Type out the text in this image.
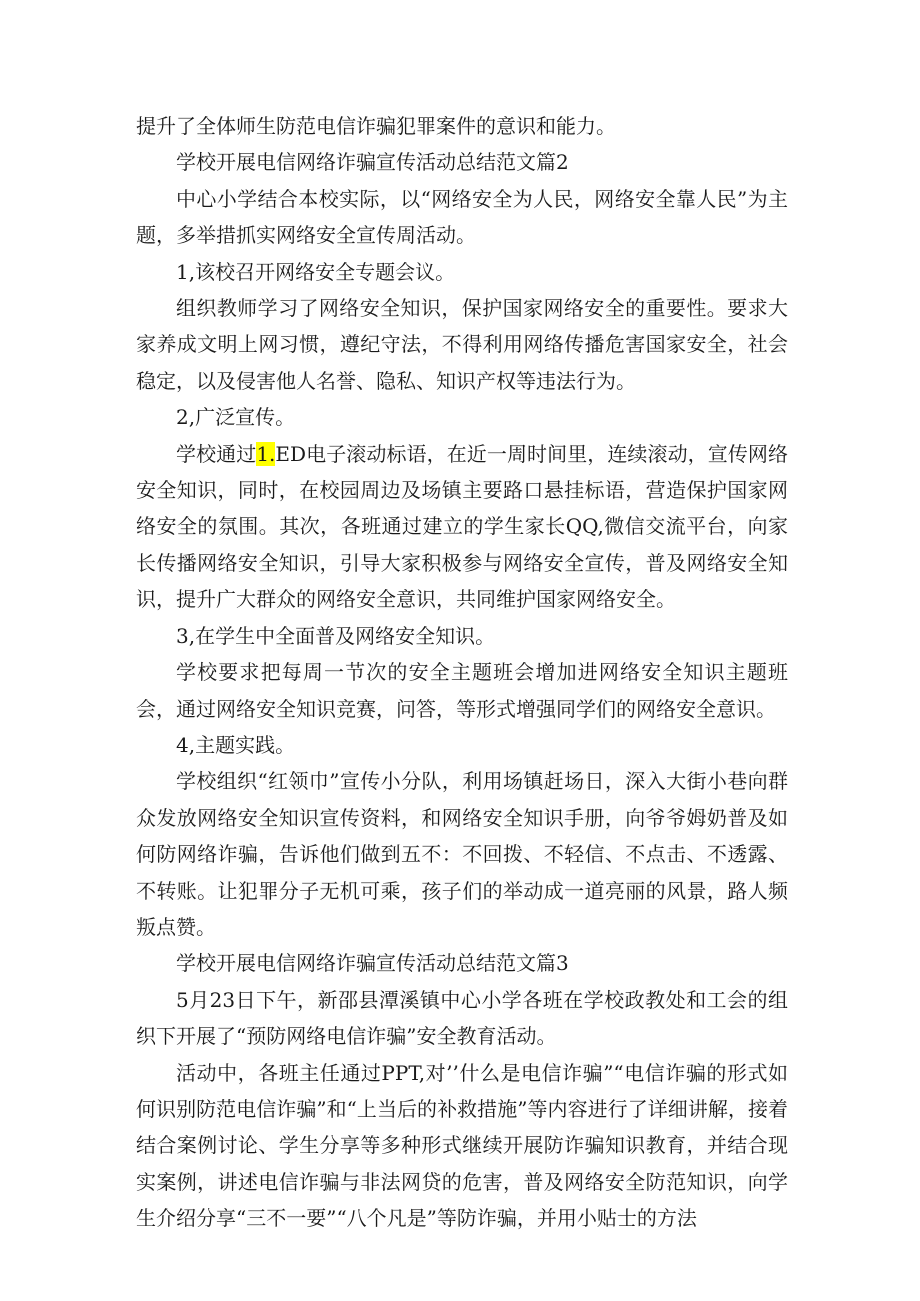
提升了全体师生防范电信诈骗犯罪案件的意识和能力。

学校开展电信网络诈骗宣传活动总结范文篇2

中心小学结合本校实际，以“网络安全为人民，网络安全靠人民”为主题，多举措抓实网络安全宣传周活动。

1,该校召开网络安全专题会议。

组织教师学习了网络安全知识，保护国家网络安全的重要性。要求大家养成文明上网习惯，遵纪守法，不得利用网络传播危害国家安全，社会稳定，以及侵害他人名誉、隐私、知识产权等违法行为。

2,广泛宣传。

学校通过1.ED电子滚动标语，在近一周时间里，连续滚动，宣传网络安全知识，同时，在校园周边及场镇主要路口悬挂标语，营造保护国家网络安全的氛围。其次，各班通过建立的学生家长QQ,微信交流平台，向家长传播网络安全知识，引导大家积极参与网络安全宣传，普及网络安全知识，提升广大群众的网络安全意识，共同维护国家网络安全。

3,在学生中全面普及网络安全知识。

学校要求把每周一节次的安全主题班会增加进网络安全知识主题班会，通过网络安全知识竞赛，问答，等形式增强同学们的网络安全意识。

4,主题实践。

学校组织“红领巾”宣传小分队，利用场镇赶场日，深入大街小巷向群众发放网络安全知识宣传资料，和网络安全知识手册，向爷爷姆奶普及如何防网络诈骗，告诉他们做到五不：不回拨、不轻信、不点击、不透露、不转账。让犯罪分子无机可乘，孩子们的举动成一道亮丽的风景，路人频叛点赞。

学校开展电信网络诈骗宣传活动总结范文篇3

5月23日下午，新邵县潭溪镇中心小学各班在学校政教处和工会的组织下开展了“预防网络电信诈骗”安全教育活动。

活动中，各班主任通过PPT,对’’什么是电信诈骗”“电信诈骗的形式如何识别防范电信诈骗”和“上当后的补救措施”等内容进行了详细讲解，接着结合案例讨论、学生分享等多种形式继续开展防诈骗知识教育，并结合现实案例，讲述电信诈骗与非法网贷的危害，普及网络安全防范知识，向学生介绍分享“三不一要”“八个凡是”等防诈骗，并用小贴士的方法
